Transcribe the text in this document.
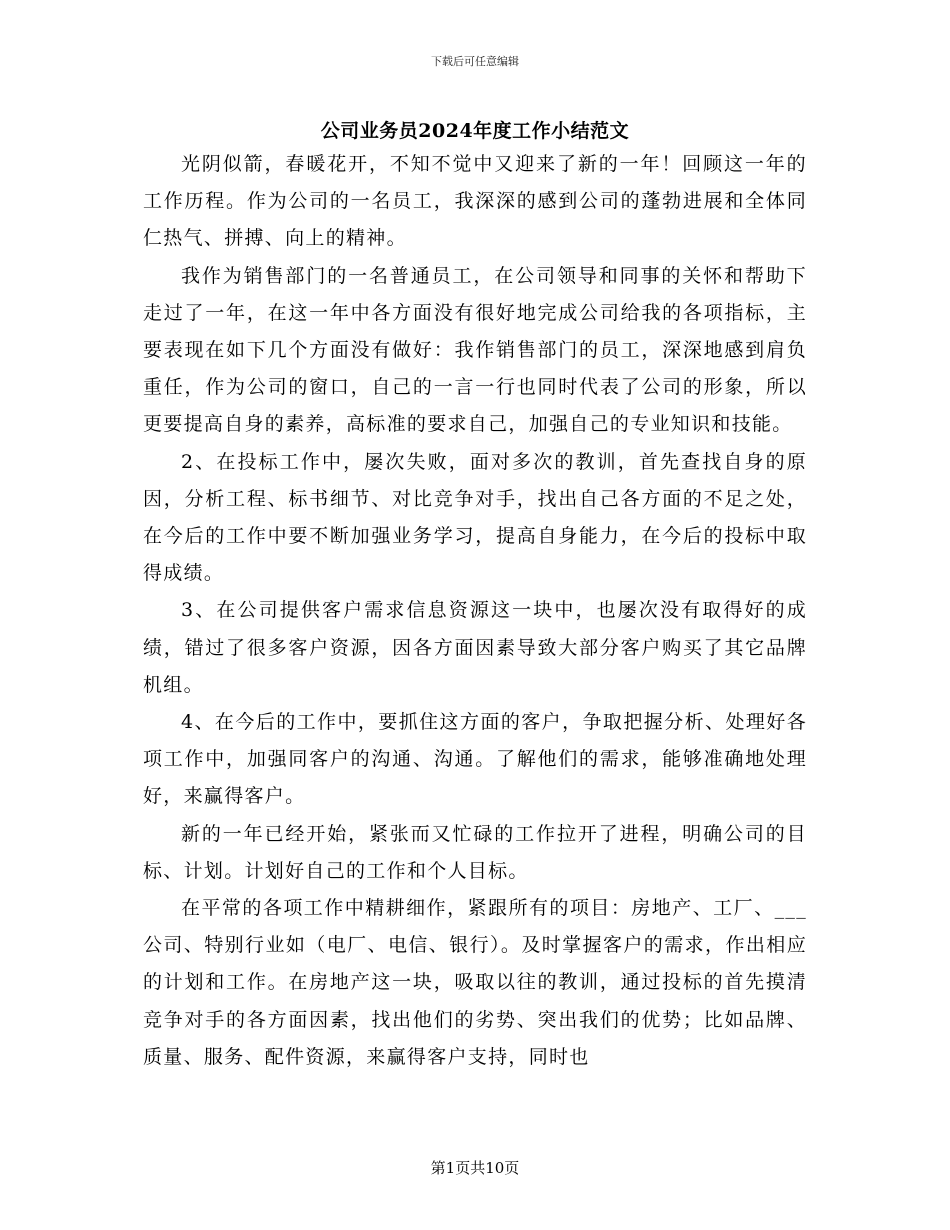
下载后可任意编辑
公司业务员2024年度工作小结范文

光阴似箭，春暖花开，不知不觉中又迎来了新的一年！回顾这一年的工作历程。作为公司的一名员工，我深深的感到公司的蓬勃进展和全体同仁热气、拼搏、向上的精神。

我作为销售部门的一名普通员工，在公司领导和同事的关怀和帮助下走过了一年，在这一年中各方面没有很好地完成公司给我的各项指标，主要表现在如下几个方面没有做好：我作销售部门的员工，深深地感到肩负重任，作为公司的窗口，自己的一言一行也同时代表了公司的形象，所以更要提高自身的素养，高标准的要求自己，加强自己的专业知识和技能。

2、在投标工作中，屡次失败，面对多次的教训，首先查找自身的原因，分析工程、标书细节、对比竞争对手，找出自己各方面的不足之处，在今后的工作中要不断加强业务学习，提高自身能力，在今后的投标中取得成绩。

3、在公司提供客户需求信息资源这一块中，也屡次没有取得好的成绩，错过了很多客户资源，因各方面因素导致大部分客户购买了其它品牌机组。

4、在今后的工作中，要抓住这方面的客户，争取把握分析、处理好各项工作中，加强同客户的沟通、沟通。了解他们的需求，能够准确地处理好，来赢得客户。

新的一年已经开始，紧张而又忙碌的工作拉开了进程，明确公司的目标、计划。计划好自己的工作和个人目标。

在平常的各项工作中精耕细作，紧跟所有的项目：房地产、工厂、___公司、特别行业如（电厂、电信、银行）。及时掌握客户的需求，作出相应的计划和工作。在房地产这一块，吸取以往的教训，通过投标的首先摸清竞争对手的各方面因素，找出他们的劣势、突出我们的优势；比如品牌、质量、服务、配件资源，来赢得客户支持，同时也

第1页共10页
